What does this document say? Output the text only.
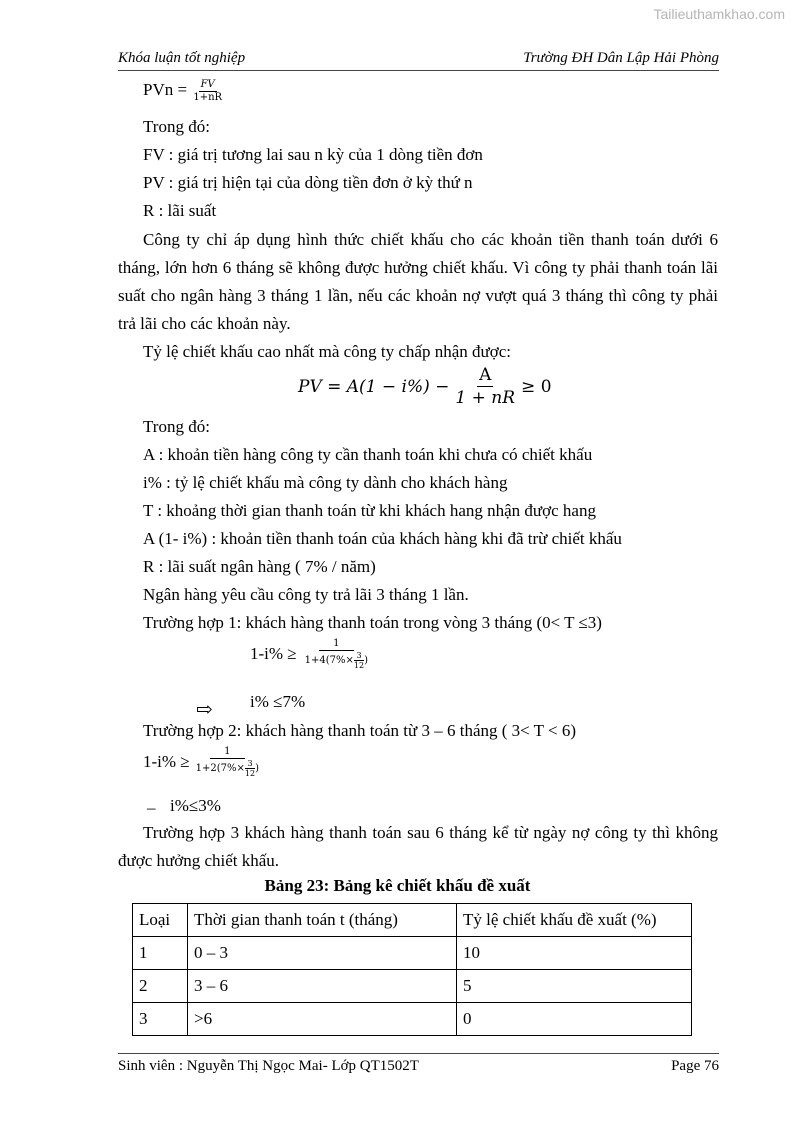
Tailieuthamkhao.com
Khóa luận tốt nghiệp	Trường ĐH Dân Lập Hải Phòng
PVn = $\frac{FV}{1+nR}$
Trong đó:
FV : giá trị tương lai sau n kỳ của 1 dòng tiền đơn
PV : giá trị hiện tại của dòng tiền đơn ở kỳ thứ n
R : lãi suất
Công ty chỉ áp dụng hình thức chiết khấu cho các khoản tiền thanh toán dưới 6 tháng, lớn hơn 6 tháng sẽ không được hưởng chiết khấu. Vì công ty phải thanh toán lãi suất cho ngân hàng 3 tháng 1 lần, nếu các khoản nợ vượt quá 3 tháng thì công ty phải trả lãi cho các khoản này.
Tỷ lệ chiết khấu cao nhất mà công ty chấp nhận được:
PV = $A(1 - i\%) - \frac{A}{1 + nR} \ge 0$
Trong đó:
A : khoản tiền hàng công ty cần thanh toán khi chưa có chiết khấu
i% : tỷ lệ chiết khấu mà công ty dành cho khách hàng
T : khoảng thời gian thanh toán từ khi khách hang nhận được hang
A (1- i%) : khoản tiền thanh toán của khách hàng khi đã trừ chiết khấu
R : lãi suất ngân hàng ( 7% / năm)
Ngân hàng yêu cầu công ty trả lãi 3 tháng 1 lần.
Trường hợp 1: khách hàng thanh toán trong vòng 3 tháng (0< T ≤3)
$1-i\% \ge \frac{1}{1+4(7\%\times \frac{3}{12} )}$
⇨ i% ≤7%
Trường hợp 2: khách hàng thanh toán từ 3 – 6 tháng ( 3< T < 6)
$1-i\% \ge \frac{1}{1+2(7\%\times \frac{3}{12} )}$
– i%≤3%
Trường hợp 3 khách hàng thanh toán sau 6 tháng kể từ ngày nợ công ty thì không được hưởng chiết khấu.
Bảng 23: Bảng kê chiết khấu đề xuất
Loại	Thời gian thanh toán t (tháng)	Tỷ lệ chiết khấu đề xuất (%)
1	0 – 3	10
2	3 – 6	5
3	>6	0
Sinh viên : Nguyễn Thị Ngọc Mai- Lớp QT1502T	Page 76
